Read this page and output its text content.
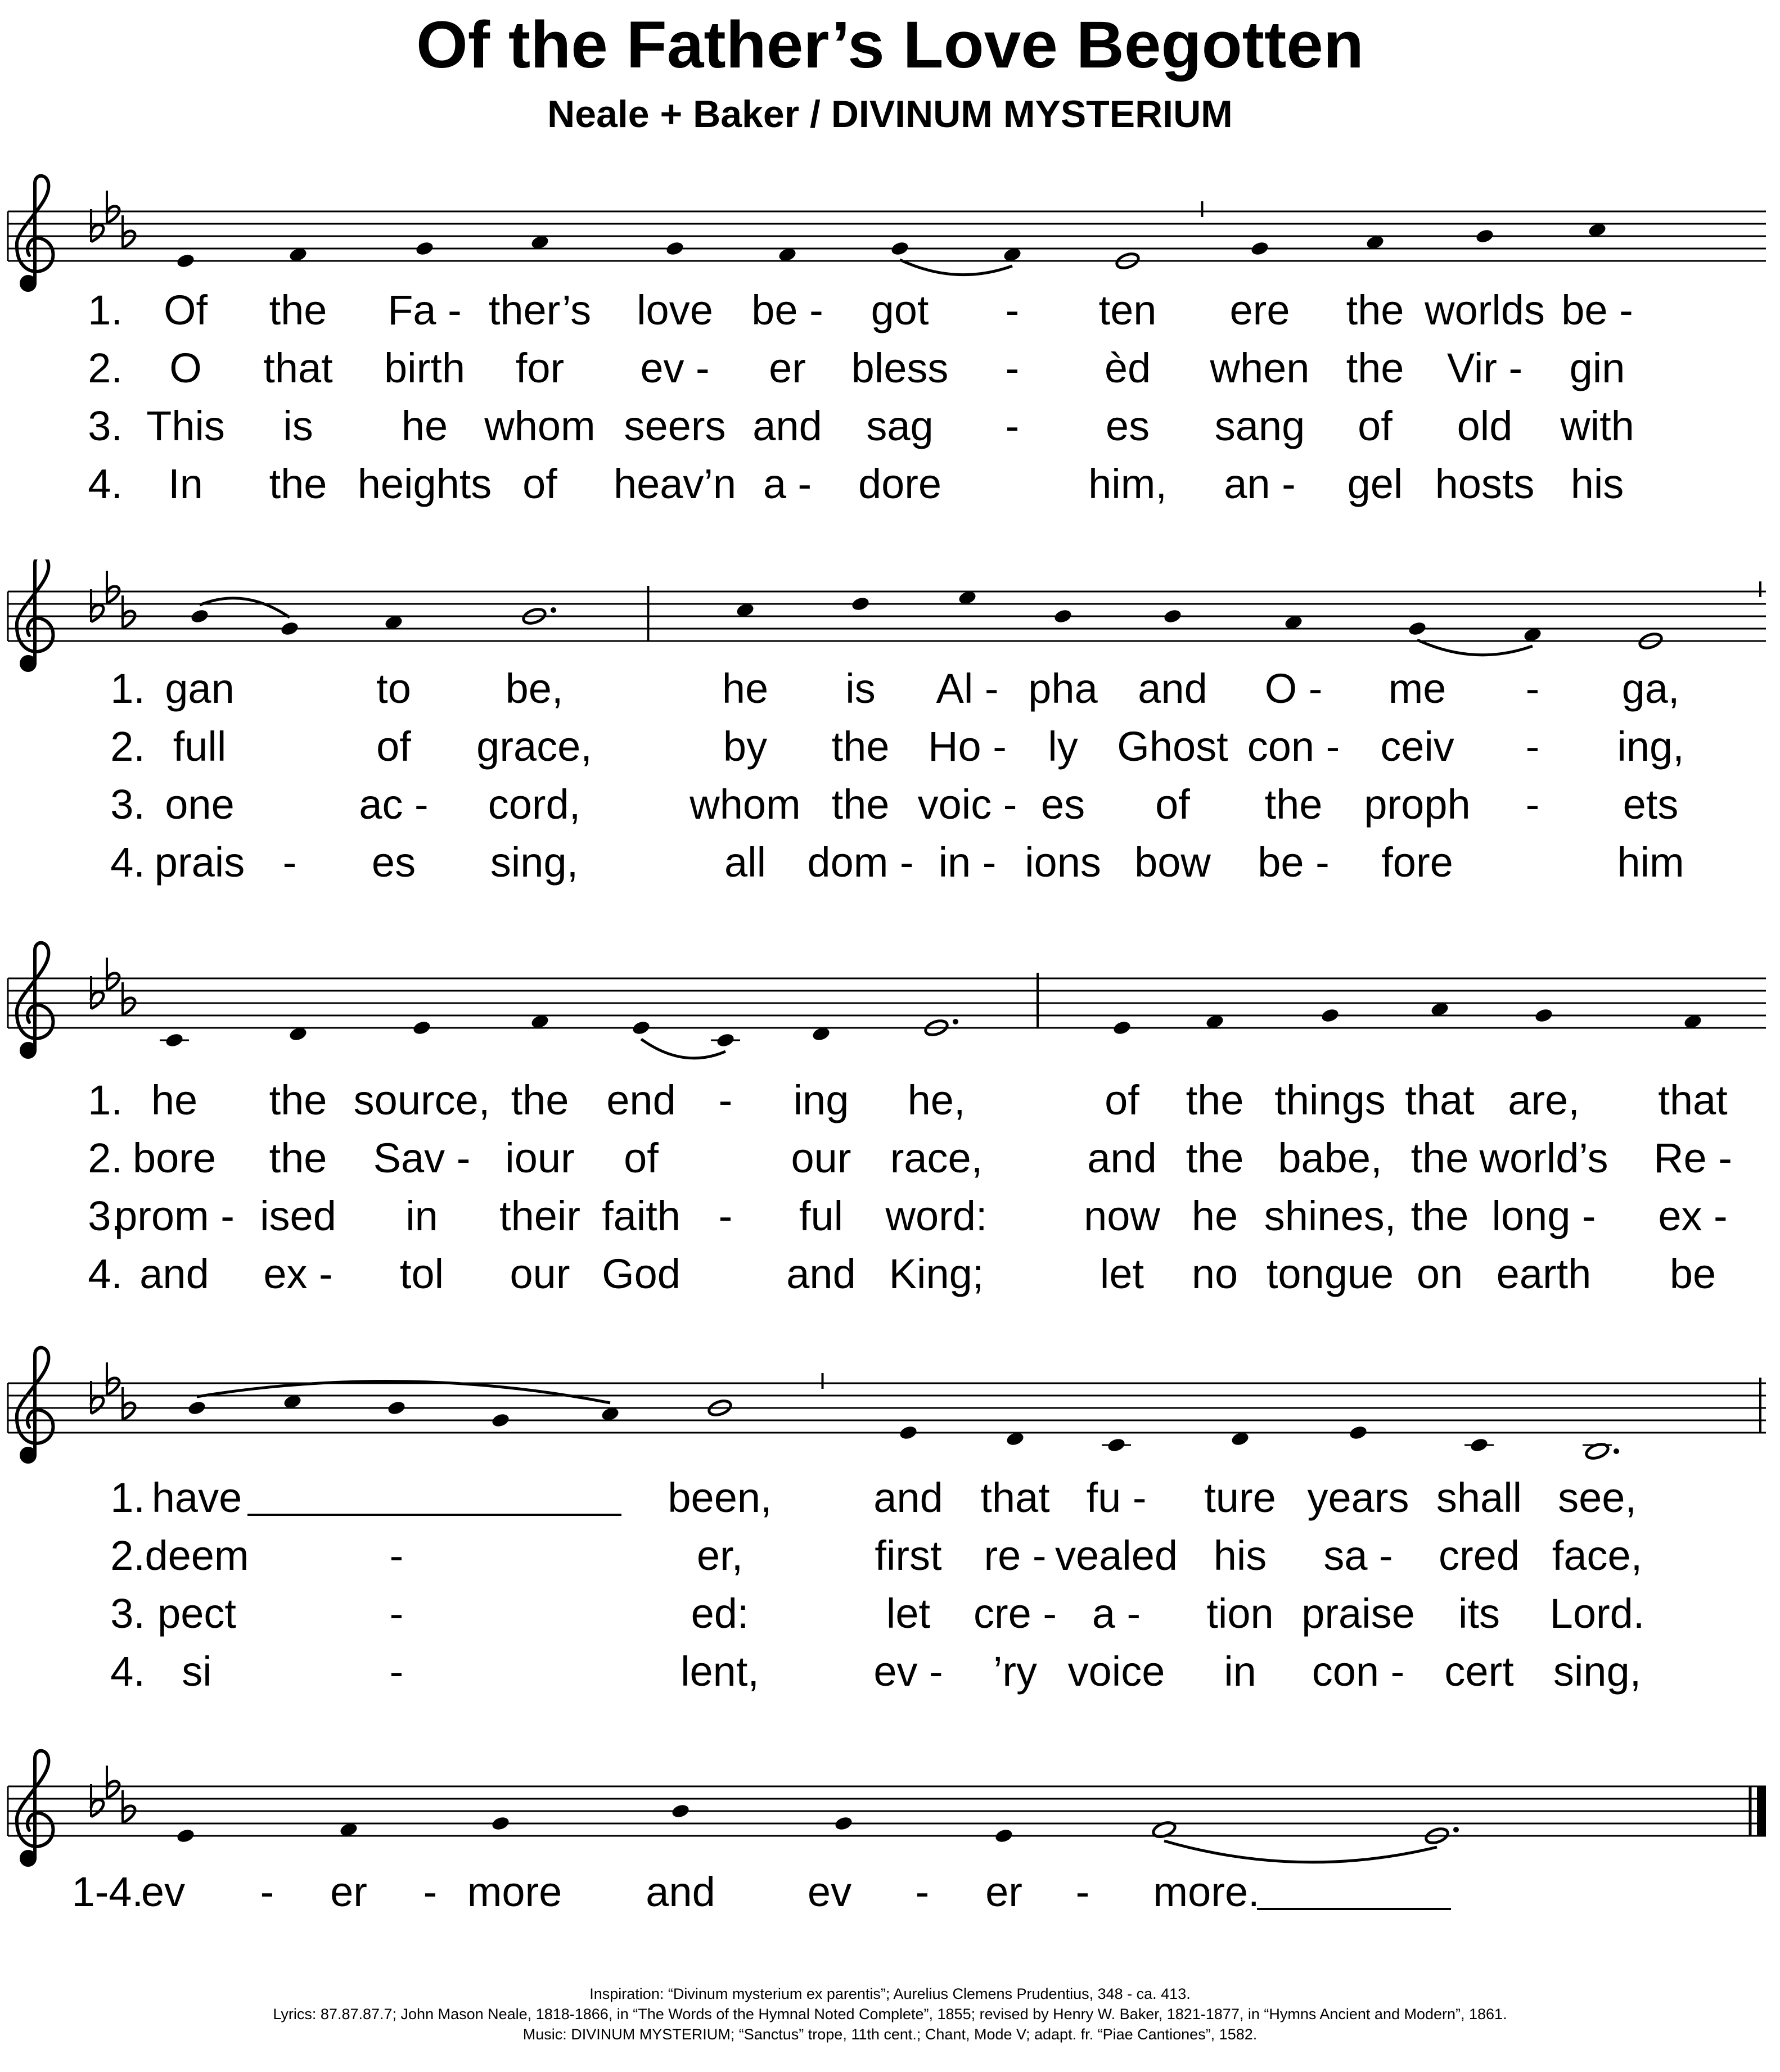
Of the Father’s Love Begotten
Neale + Baker / DIVINUM MYSTERIUM
1. Of the Fa - ther’s love be - got - ten ere the worlds be -
2. O that birth for ev - er bless - èd when the Vir - gin
3. This is he whom seers and sag - es sang of old with
4. In the heights of heav’n a - dore	him, an - gel hosts his
1. gan	to be,	he is Al - pha and O - me - ga,
2. full	of grace,	by the Ho - ly Ghost con - ceiv - ing,
3. one	ac - cord,	whom the voic - es of the proph - ets
4. prais - es sing,	all dom - in - ions bow be - fore	him
1. he the source, the end - ing he,	of the things that are, that
2. bore the Sav - iour of	our race,	and the babe, the world’s Re -
3.
prom - ised in their faith - ful word: now he shines, the long - ex -
4. and ex - tol our God	and King;	let no tongue on earth be
1. have	been, and that fu - ture years shall see,
2. deem	-	er,	first re - vealed his sa - cred face,
3. pect	-	ed:	let cre - a - tion praise its Lord.
4. si	-	lent,	ev - ’ry voice in con - cert sing,
1-4.
ev - er - more and ev - er - more.
Inspiration: “Divinum mysterium ex parentis”; Aurelius Clemens Prudentius, 348 - ca. 413.
Lyrics: 87.87.87.7; John Mason Neale, 1818-1866, in “The Words of the Hymnal Noted Complete”, 1855; revised by Henry W. Baker, 1821-1877, in “Hymns Ancient and Modern”, 1861.
Music: DIVINUM MYSTERIUM; “Sanctus” trope, 11th cent.; Chant, Mode V; adapt. fr. “Piae Cantiones”, 1582.
